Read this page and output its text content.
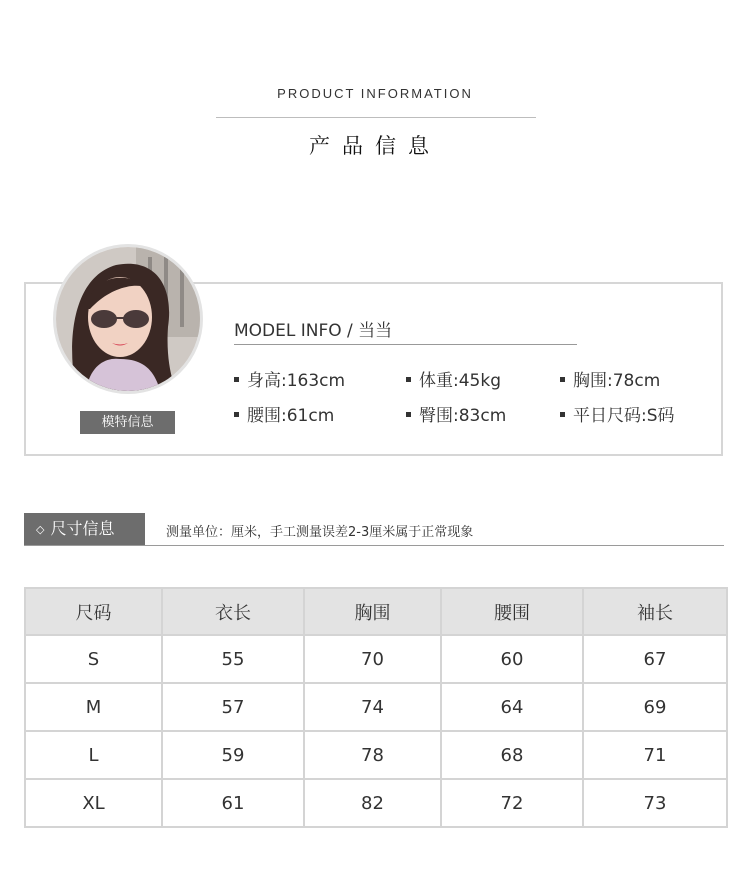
PRODUCT INFORMATION
产品信息
模特信息
MODEL INFO / 当当
身高:163cm	体重:45kg	胸围:78cm
腰围:61cm	臀围:83cm	平日尺码:S码
◇ 尺寸信息	测量单位：厘米，手工测量误差2-3厘米属于正常现象
尺码	衣长	胸围	腰围	袖长
S	55	70	60	67
M	57	74	64	69
L	59	78	68	71
XL	61	82	72	73
